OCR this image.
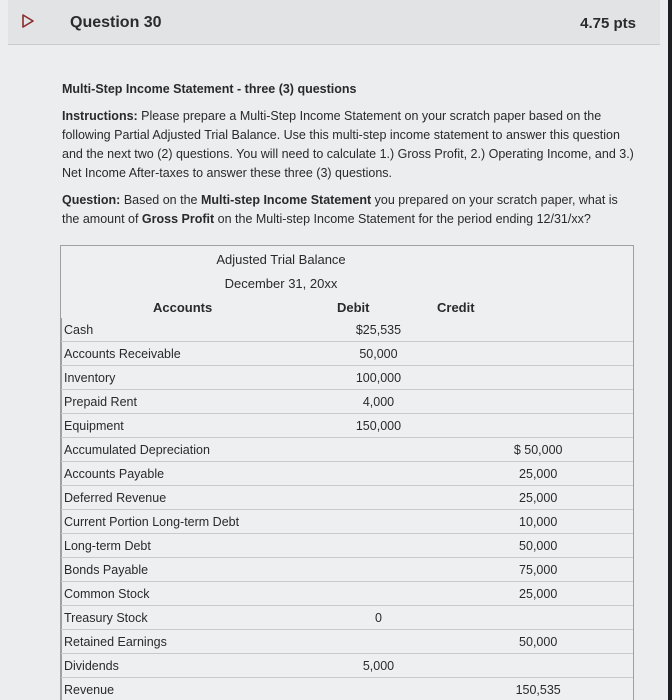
Question 30	4.75 pts

Multi-Step Income Statement - three (3) questions

Instructions: Please prepare a Multi-Step Income Statement on your scratch paper based on the following Partial Adjusted Trial Balance. Use this multi-step income statement to answer this question and the next two (2) questions. You will need to calculate 1.) Gross Profit, 2.) Operating Income, and 3.) Net Income After-taxes to answer these three (3) questions.

Question: Based on the Multi-step Income Statement you prepared on your scratch paper, what is the amount of Gross Profit on the Multi-step Income Statement for the period ending 12/31/xx?

Adjusted Trial Balance
December 31, 20xx
Accounts	Debit	Credit
Cash	$25,535	
Accounts Receivable	50,000	
Inventory	100,000	
Prepaid Rent	4,000	
Equipment	150,000	
Accumulated Depreciation		$ 50,000
Accounts Payable		25,000
Deferred Revenue		25,000
Current Portion Long-term Debt		10,000
Long-term Debt		50,000
Bonds Payable		75,000
Common Stock		25,000
Treasury Stock	0	
Retained Earnings		50,000
Dividends	5,000	
Revenue		150,535
